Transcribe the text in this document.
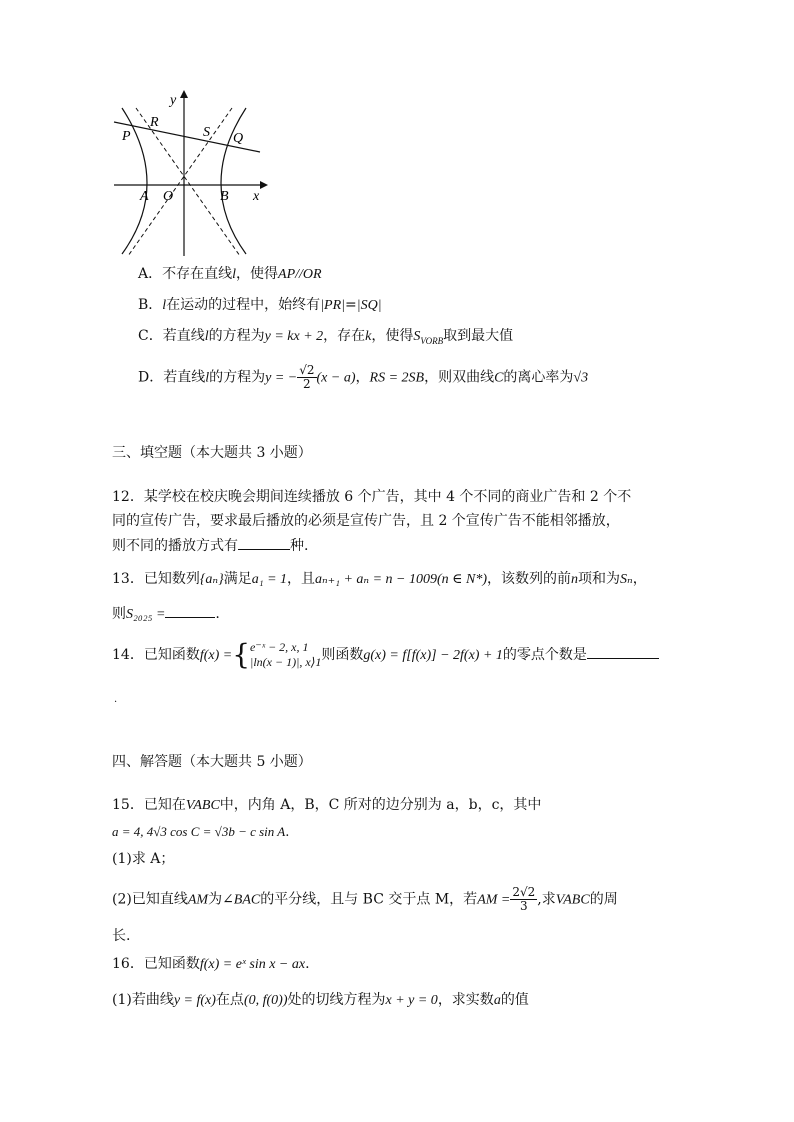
y
x
P
R
S Q
A O	B
A．不存在直线l，使得AP//OR
B．l在运动的过程中，始终有|PR|=|SQ|
C．若直线l的方程为y = kx + 2，存在k，使得$S_{VORB}$取到最大值
D．若直线l的方程为y = − $\frac{√2}{2} (x - a)$，RS = 2SB，则双曲线C的离心率为√3
三、填空题（本大题共 3 小题）
12．某学校在校庆晚会期间连续播放 6 个广告，其中 4 个不同的商业广告和 2 个不
同的宣传广告，要求最后播放的必须是宣传广告，且 2 个宣传广告不能相邻播放，
则不同的播放方式有	种.
13．已知数列{aₙ}满足a₁ = 1，且aₙ₊₁ + aₙ = n − 1009(n ∈ N*)，该数列的前n项和为Sₙ，
则S₂₀₂₅ =	.
14．已知函数f(x) ={ e⁻ˣ − 2, x, 1
|ln(x − 1)|, x⟩1 则函数g(x) = f[f(x)] − 2f(x) + 1的零点个数是
.
四、解答题（本大题共 5 小题）
15．已知在VABC中，内角 A，B，C 所对的边分别为 a，b，c，其中
a = 4, 4√3 cos C = √3b − c sin A.
(1)求 A；
(2)已知直线AM为∠BAC的平分线，且与 BC 交于点 M，若AM = $\frac{2√2}{3}$ ,求VABC的周
长.
16．已知函数f(x) = eˣ sin x − ax.
(1)若曲线y = f(x)在点(0, f(0))处的切线方程为x + y = 0，求实数a的值
